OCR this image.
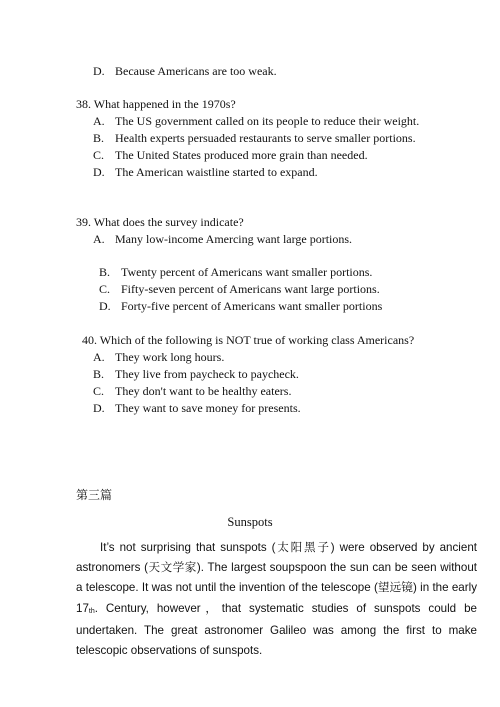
D. Because Americans are too weak.
38. What happened in the 1970s?
A. The US government called on its people to reduce their weight.
B. Health experts persuaded restaurants to serve smaller portions.
C. The United States produced more grain than needed.
D. The American waistline started to expand.
39. What does the survey indicate?
A. Many low-income Amercing want large portions.
B. Twenty percent of Americans want smaller portions.
C. Fifty-seven percent of Americans want large portions.
D. Forty-five percent of Americans want smaller portions
40. Which of the following is NOT true of working class Americans?
A. They work long hours.
B. They live from paycheck to paycheck.
C. They don't want to be healthy eaters.
D. They want to save money for presents.
第三篇
Sunspots
It’s not surprising that sunspots (太阳黑子) were observed by ancient astronomers (天文学家). The largest soupspoon the sun can be seen without a telescope. It was not until the invention of the telescope (望远镜) in the early $17_{th}$. Century, however，that systematic studies of sunspots could be undertaken. The great astronomer Galileo was among the first to make telescopic observations of sunspots.
